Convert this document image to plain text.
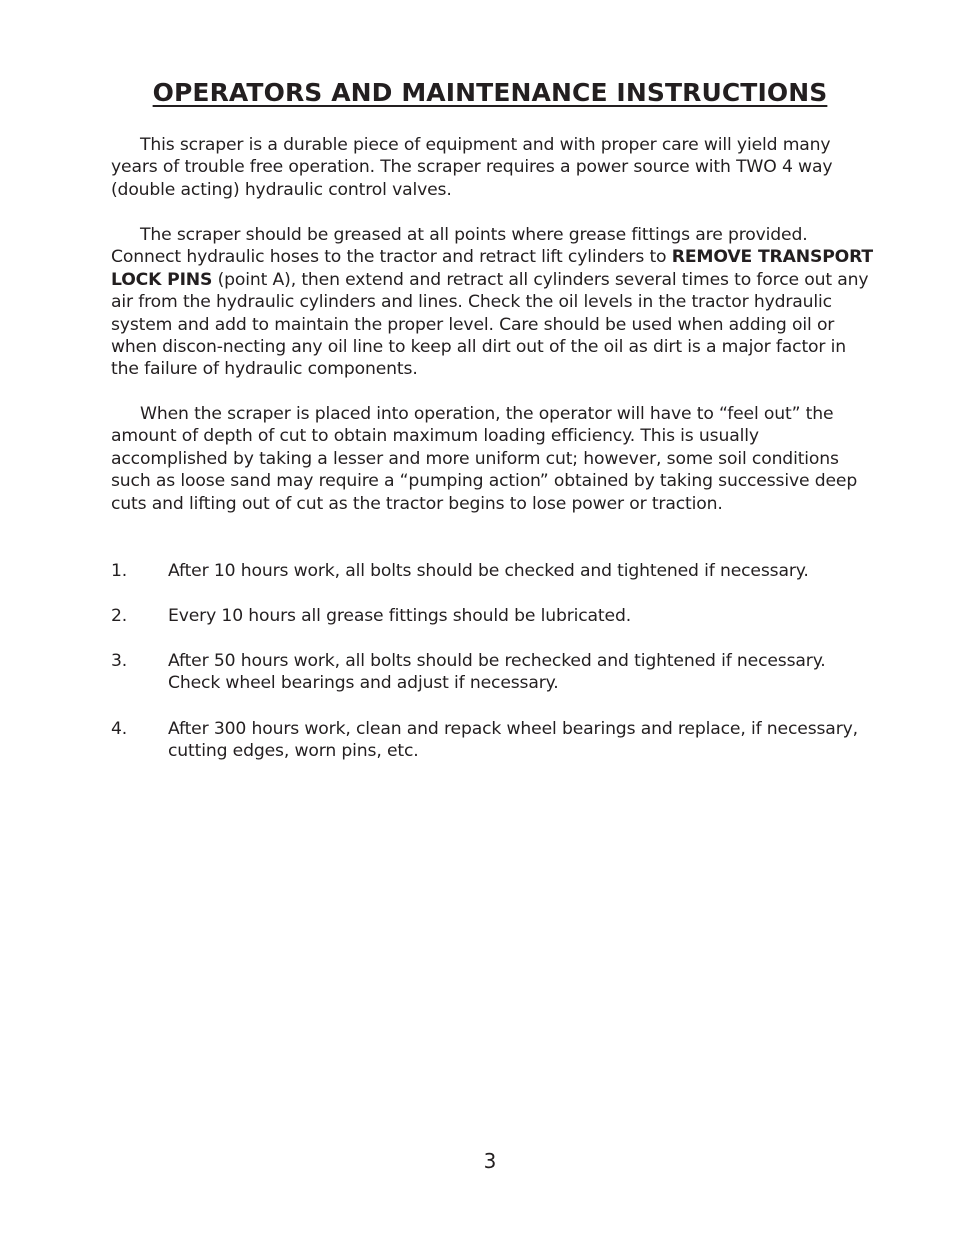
OPERATORS AND MAINTENANCE INSTRUCTIONS

This scraper is a durable piece of equipment and with proper care will yield many years of trouble free operation. The scraper requires a power source with TWO 4 way (double acting) hydraulic control valves.

The scraper should be greased at all points where grease fittings are provided. Connect hydraulic hoses to the tractor and retract lift cylinders to REMOVE TRANSPORT LOCK PINS (point A), then extend and retract all cylinders several times to force out any air from the hydraulic cylinders and lines. Check the oil levels in the tractor hydraulic system and add to maintain the proper level. Care should be used when adding oil or when discon-necting any oil line to keep all dirt out of the oil as dirt is a major factor in the failure of hydraulic components.

When the scraper is placed into operation, the operator will have to “feel out” the amount of depth of cut to obtain maximum loading efficiency. This is usually accomplished by taking a lesser and more uniform cut; however, some soil conditions such as loose sand may require a “pumping action” obtained by taking successive deep cuts and lifting out of cut as the tractor begins to lose power or traction.

1. After 10 hours work, all bolts should be checked and tightened if necessary.
2. Every 10 hours all grease fittings should be lubricated.
3. After 50 hours work, all bolts should be rechecked and tightened if necessary. Check wheel bearings and adjust if necessary.
4. After 300 hours work, clean and repack wheel bearings and replace, if necessary, cutting edges, worn pins, etc.

3
